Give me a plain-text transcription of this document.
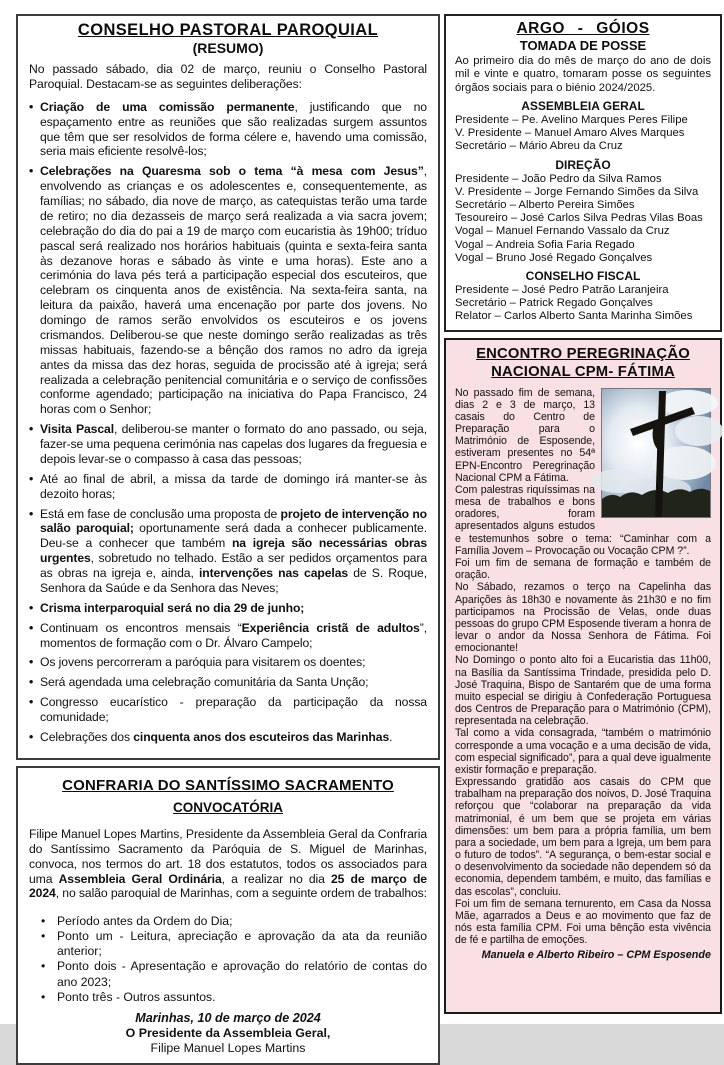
CONSELHO PASTORAL PAROQUIAL
(RESUMO)

No passado sábado, dia 02 de março, reuniu o Conselho Pastoral Paroquial. Destacam-se as seguintes deliberações:

• Criação de uma comissão permanente, justificando que no espaçamento entre as reuniões que são realizadas surgem assuntos que têm que ser resolvidos de forma célere e, havendo uma comissão, seria mais eficiente resolvê-los;
• Celebrações na Quaresma sob o tema “à mesa com Jesus”, envolvendo as crianças e os adolescentes e, consequentemente, as famílias; no sábado, dia nove de março, as catequistas terão uma tarde de retiro; no dia dezasseis de março será realizada a via sacra jovem; celebração do dia do pai a 19 de março com eucaristia às 19h00; tríduo pascal será realizado nos horários habituais (quinta e sexta-feira santa às dezanove horas e sábado às vinte e uma horas). Este ano a cerimónia do lava pés terá a participação especial dos escuteiros, que celebram os cinquenta anos de existência. Na sexta-feira santa, na leitura da paixão, haverá uma encenação por parte dos jovens. No domingo de ramos serão envolvidos os escuteiros e os jovens crismandos. Deliberou-se que neste domingo serão realizadas as três missas habituais, fazendo-se a bênção dos ramos no adro da igreja antes da missa das dez horas, seguida de procissão até à igreja; será realizada a celebração penitencial comunitária e o serviço de confissões conforme agendado; participação na iniciativa do Papa Francisco, 24 horas com o Senhor;
• Visita Pascal, deliberou-se manter o formato do ano passado, ou seja, fazer-se uma pequena cerimónia nas capelas dos lugares da freguesia e depois levar-se o compasso à casa das pessoas;
• Até ao final de abril, a missa da tarde de domingo irá manter-se às dezoito horas;
• Está em fase de conclusão uma proposta de projeto de intervenção no salão paroquial; oportunamente será dada a conhecer publicamente. Deu-se a conhecer que também na igreja são necessárias obras urgentes, sobretudo no telhado. Estão a ser pedidos orçamentos para as obras na igreja e, ainda, intervenções nas capelas de S. Roque, Senhora da Saúde e da Senhora das Neves;
• Crisma interparoquial será no dia 29 de junho;
• Continuam os encontros mensais “Experiência cristã de adultos”, momentos de formação com o Dr. Álvaro Campelo;
• Os jovens percorreram a paróquia para visitarem os doentes;
• Será agendada uma celebração comunitária da Santa Unção;
• Congresso eucarístico - preparação da participação da nossa comunidade;
• Celebrações dos cinquenta anos dos escuteiros das Marinhas.
CONFRARIA DO SANTÍSSIMO SACRAMENTO
CONVOCATÓRIA

Filipe Manuel Lopes Martins, Presidente da Assembleia Geral da Confraria do Santíssimo Sacramento da Paróquia de S. Miguel de Marinhas, convoca, nos termos do art. 18 dos estatutos, todos os associados para uma Assembleia Geral Ordinária, a realizar no dia 25 de março de 2024, no salão paroquial de Marinhas, com a seguinte ordem de trabalhos:

• Período antes da Ordem do Dia;
• Ponto um - Leitura, apreciação e aprovação da ata da reunião anterior;
• Ponto dois - Apresentação e aprovação do relatório de contas do ano 2023;
• Ponto três - Outros assuntos.

Marinhas, 10 de março de 2024

O Presidente da Assembleia Geral,

Filipe Manuel Lopes Martins

ARGO - GÓIOS
TOMADA DE POSSE

Ao primeiro dia do mês de março do ano de dois mil e vinte e quatro, tomaram posse os seguintes órgãos sociais para o biénio 2024/2025.

ASSEMBLEIA GERAL
Presidente – Pe. Avelino Marques Peres Filipe
V. Presidente – Manuel Amaro Alves Marques
Secretário – Mário Abreu da Cruz
DIREÇÃO
Presidente – João Pedro da Silva Ramos
V. Presidente – Jorge Fernando Simões da Silva
Secretário – Alberto Pereira Simões
Tesoureiro – José Carlos Silva Pedras Vilas Boas
Vogal – Manuel Fernando Vassalo da Cruz
Vogal – Andreia Sofia Faria Regado
Vogal – Bruno José Regado Gonçalves
CONSELHO FISCAL
Presidente – José Pedro Patrão Laranjeira
Secretário – Patrick Regado Gonçalves
Relator – Carlos Alberto Santa Marinha Simões
ENCONTRO PEREGRINAÇÃO
NACIONAL CPM- FÁTIMA

No passado fim de semana, dias 2 e 3 de março, 13 casais do Centro de Preparação para o Matrimónio de Esposende, estiveram presentes no 54ª EPN-Encontro Peregrinação Nacional CPM a Fátima.

Com palestras riquíssimas na mesa de trabalhos e bons oradores, foram apresentados alguns estudos e testemunhos sobre o tema: “Caminhar com a Família Jovem – Provocação ou Vocação CPM ?”.

Foi um fim de semana de formação e também de oração.

No Sábado, rezamos o terço na Capelinha das Aparições às 18h30 e novamente às 21h30 e no fim participamos na Procissão de Velas, onde duas pessoas do grupo CPM Esposende tiveram a honra de levar o andor da Nossa Senhora de Fátima. Foi emocionante!

No Domingo o ponto alto foi a Eucaristia das 11h00, na Basília da Santíssima Trindade, presidida pelo D. José Traquina, Bispo de Santarém que de uma forma muito especial se dirigiu à Confederação Portuguesa dos Centros de Preparação para o Matrimónio (CPM), representada na celebração.

Tal como a vida consagrada, “também o matrimónio corresponde a uma vocação e a uma decisão de vida, com especial significado”, para a qual deve igualmente existir formação e preparação.

Expressando gratidão aos casais do CPM que trabalham na preparação dos noivos, D. José Traquina reforçou que “colaborar na preparação da vida matrimonial, é um bem que se projeta em várias dimensões: um bem para a própria família, um bem para a sociedade, um bem para a Igreja, um bem para o futuro de todos”. “A segurança, o bem-estar social e o desenvolvimento da sociedade não dependem só da economia, dependem também, e muito, das famílias e das escolas”, concluiu.

Foi um fim de semana ternurento, em Casa da Nossa Mãe, agarrados a Deus e ao movimento que faz de nós esta família CPM. Foi uma bênção esta vivência de fé e partilha de emoções.

Manuela e Alberto Ribeiro – CPM Esposende
